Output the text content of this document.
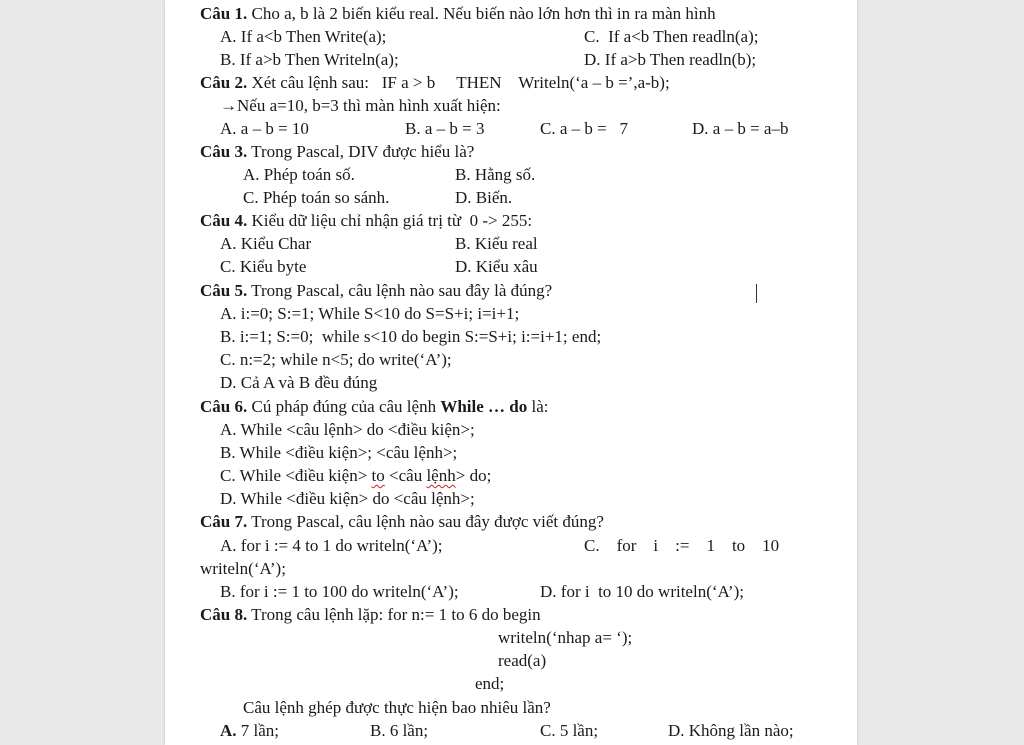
Câu 1. Cho a, b là 2 biến kiểu real. Nếu biến nào lớn hơn thì in ra màn hình
A. If a<b Then Write(a);	C.  If a<b Then readln(a);
B. If a>b Then Writeln(a);	D. If a>b Then readln(b);
Câu 2. Xét câu lệnh sau:   IF a > b     THEN    Writeln(‘a – b =’,a-b);
→Nếu a=10, b=3 thì màn hình xuất hiện:
A. a – b = 10	B. a – b = 3	C. a – b =   7	D. a – b = a–b
Câu 3. Trong Pascal, DIV được hiểu là?
A. Phép toán số.	B. Hằng số.
C. Phép toán so sánh.	D. Biến.
Câu 4. Kiểu dữ liệu chỉ nhận giá trị từ  0 -> 255:
A. Kiểu Char	B. Kiểu real
C. Kiểu byte	D. Kiểu xâu
Câu 5. Trong Pascal, câu lệnh nào sau đây là đúng?
A. i:=0; S:=1; While S<10 do S=S+i; i=i+1;
B. i:=1; S:=0;  while s<10 do begin S:=S+i; i:=i+1; end;
C. n:=2; while n<5; do write(‘A’);
D. Cả A và B đều đúng
Câu 6. Cú pháp đúng của câu lệnh While … do là:
A. While <câu lệnh> do <điều kiện>;
B. While <điều kiện>; <câu lệnh>;
C. While <điều kiện> to <câu lệnh> do;
D. While <điều kiện> do <câu lệnh>;
Câu 7. Trong Pascal, câu lệnh nào sau đây được viết đúng?
A. for i := 4 to 1 do writeln(‘A’);	C.    for    i    :=    1    to    10
writeln(‘A’);
B. for i := 1 to 100 do writeln(‘A’);	D. for i  to 10 do writeln(‘A’);
Câu 8. Trong câu lệnh lặp: for n:= 1 to 6 do begin
writeln(‘nhap a= ‘);
read(a)
end;
Câu lệnh ghép được thực hiện bao nhiêu lần?
A. 7 lần;	B. 6 lần;	C. 5 lần;	D. Không lần nào;
